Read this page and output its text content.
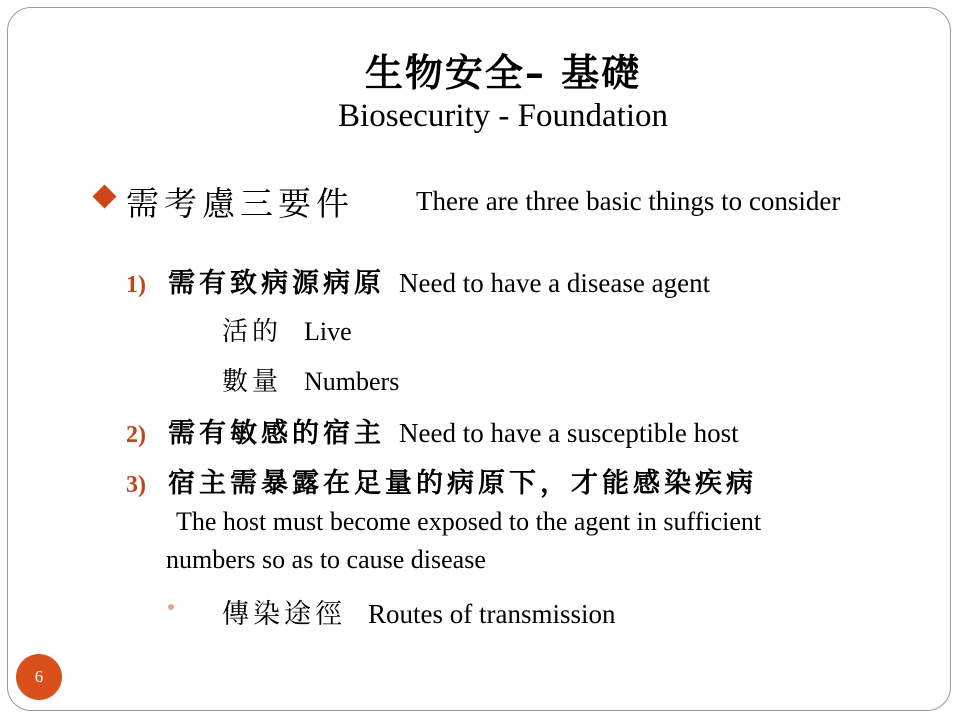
生物安全– 基礎
Biosecurity - Foundation
需考慮三要件 There are three basic things to consider
1) 需有致病源病原 Need to have a disease agent
活的 Live
數量 Numbers
2) 需有敏感的宿主 Need to have a susceptible host
3) 宿主需暴露在足量的病原下，才能感染疾病
The host must become exposed to the agent in sufficient
numbers so as to cause disease
傳染途徑 Routes of transmission
6
